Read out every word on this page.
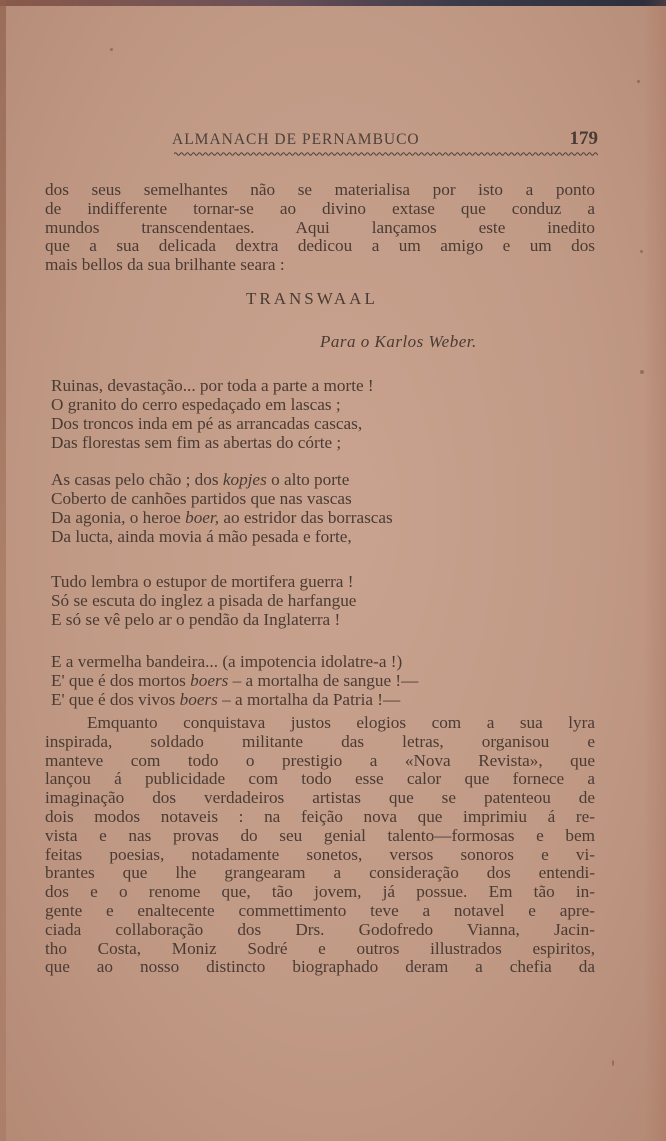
ALMANACH DE PERNAMBUCO	179
dos seus semelhantes não se materialisa por isto a ponto
de indifferente tornar-se ao divino extase que conduz a
mundos transcendentaes. Aqui lançamos este inedito
que a sua delicada dextra dedicou a um amigo e um dos
mais bellos da sua brilhante seara :
TRANSWAAL
Para o Karlos Weber.
Ruinas, devastação... por toda a parte a morte !
O granito do cerro espedaçado em lascas ;
Dos troncos inda em pé as arrancadas cascas,
Das florestas sem fim as abertas do córte ;
As casas pelo chão ; dos kopjes o alto porte
Coberto de canhões partidos que nas vascas
Da agonia, o heroe boer, ao estridor das borrascas
Da lucta, ainda movia á mão pesada e forte,
Tudo lembra o estupor de mortifera guerra !
Só se escuta do inglez a pisada de harfangue
E só se vê pelo ar o pendão da Inglaterra !
E a vermelha bandeira... (a impotencia idolatre-a !)
E' que é dos mortos boers – a mortalha de sangue !—
E' que é dos vivos boers – a mortalha da Patria !—
Emquanto conquistava justos elogios com a sua lyra
inspirada, soldado militante das letras, organisou e
manteve com todo o prestigio a «Nova Revista», que
lançou á publicidade com todo esse calor que fornece a
imaginação dos verdadeiros artistas que se patenteou de
dois modos notaveis : na feição nova que imprimiu á re-
vista e nas provas do seu genial talento—formosas e bem
feitas poesias, notadamente sonetos, versos sonoros e vi-
brantes que lhe grangearam a consideração dos entendi-
dos e o renome que, tão jovem, já possue. Em tão in-
gente e enaltecente commettimento teve a notavel e apre-
ciada collaboração dos Drs. Godofredo Vianna, Jacin-
tho Costa, Moniz Sodré e outros illustrados espiritos,
que ao nosso distincto biographado deram a chefia da
